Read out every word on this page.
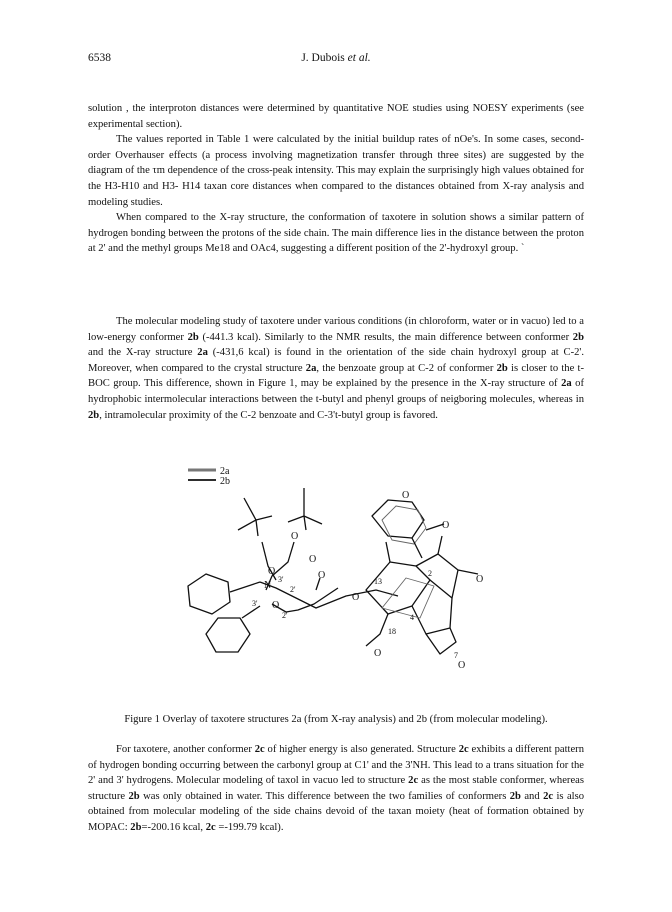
6538	J. Dubois et al.

solution , the interproton distances were determined by quantitative NOE studies using NOESY experiments (see experimental section).

The values reported in Table 1 were calculated by the initial buildup rates of nOe's. In some cases, second-order Overhauser effects (a process involving magnetization transfer through three sites) are suggested by the diagram of the τm dependence of the cross-peak intensity. This may explain the surprisingly high values obtained for the H3-H10 and H3- H14 taxan core distances when compared to the distances obtained from X-ray analysis and modeling studies.

When compared to the X-ray structure, the conformation of taxotere in solution shows a similar pattern of hydrogen bonding between the protons of the side chain. The main difference lies in the distance between the proton at 2' and the methyl groups Me18 and OAc4, suggesting a different position of the 2'-hydroxyl group. `

The molecular modeling study of taxotere under various conditions (in chloroform, water or in vacuo) led to a low-energy conformer 2b (-441.3 kcal). Similarly to the NMR results, the main difference between conformer 2b and the X-ray structure 2a (-431,6 kcal) is found in the orientation of the side chain hydroxyl group at C-2'. Moreover, when compared to the crystal structure 2a, the benzoate group at C-2 of conformer 2b is closer to the t-BOC group. This difference, shown in Figure 1, may be explained by the presence in the X-ray structure of 2a of hydrophobic intermolecular interactions between the t-butyl and phenyl groups of neigboring molecules, whereas in 2b, intramolecular proximity of the C-2 benzoate and C-3't-butyl group is favored.

2a
2b
O
O
O
O
N
O
O
O
O
O
O
O
3'
2'
3'
2'
13
2
4
18
7
Figure 1 Overlay of taxotere structures 2a (from X-ray analysis) and 2b (from molecular modeling).

For taxotere, another conformer 2c of higher energy is also generated. Structure 2c exhibits a different pattern of hydrogen bonding occurring between the carbonyl group at C1' and the 3'NH. This lead to a trans situation for the 2' and 3' hydrogens. Molecular modeling of taxol in vacuo led to structure 2c as the most stable conformer, whereas structure 2b was only obtained in water. This difference between the two families of conformers 2b and 2c is also obtained from molecular modeling of the side chains devoid of the taxan moiety (heat of formation obtained by MOPAC: 2b=-200.16 kcal, 2c =-199.79 kcal).
